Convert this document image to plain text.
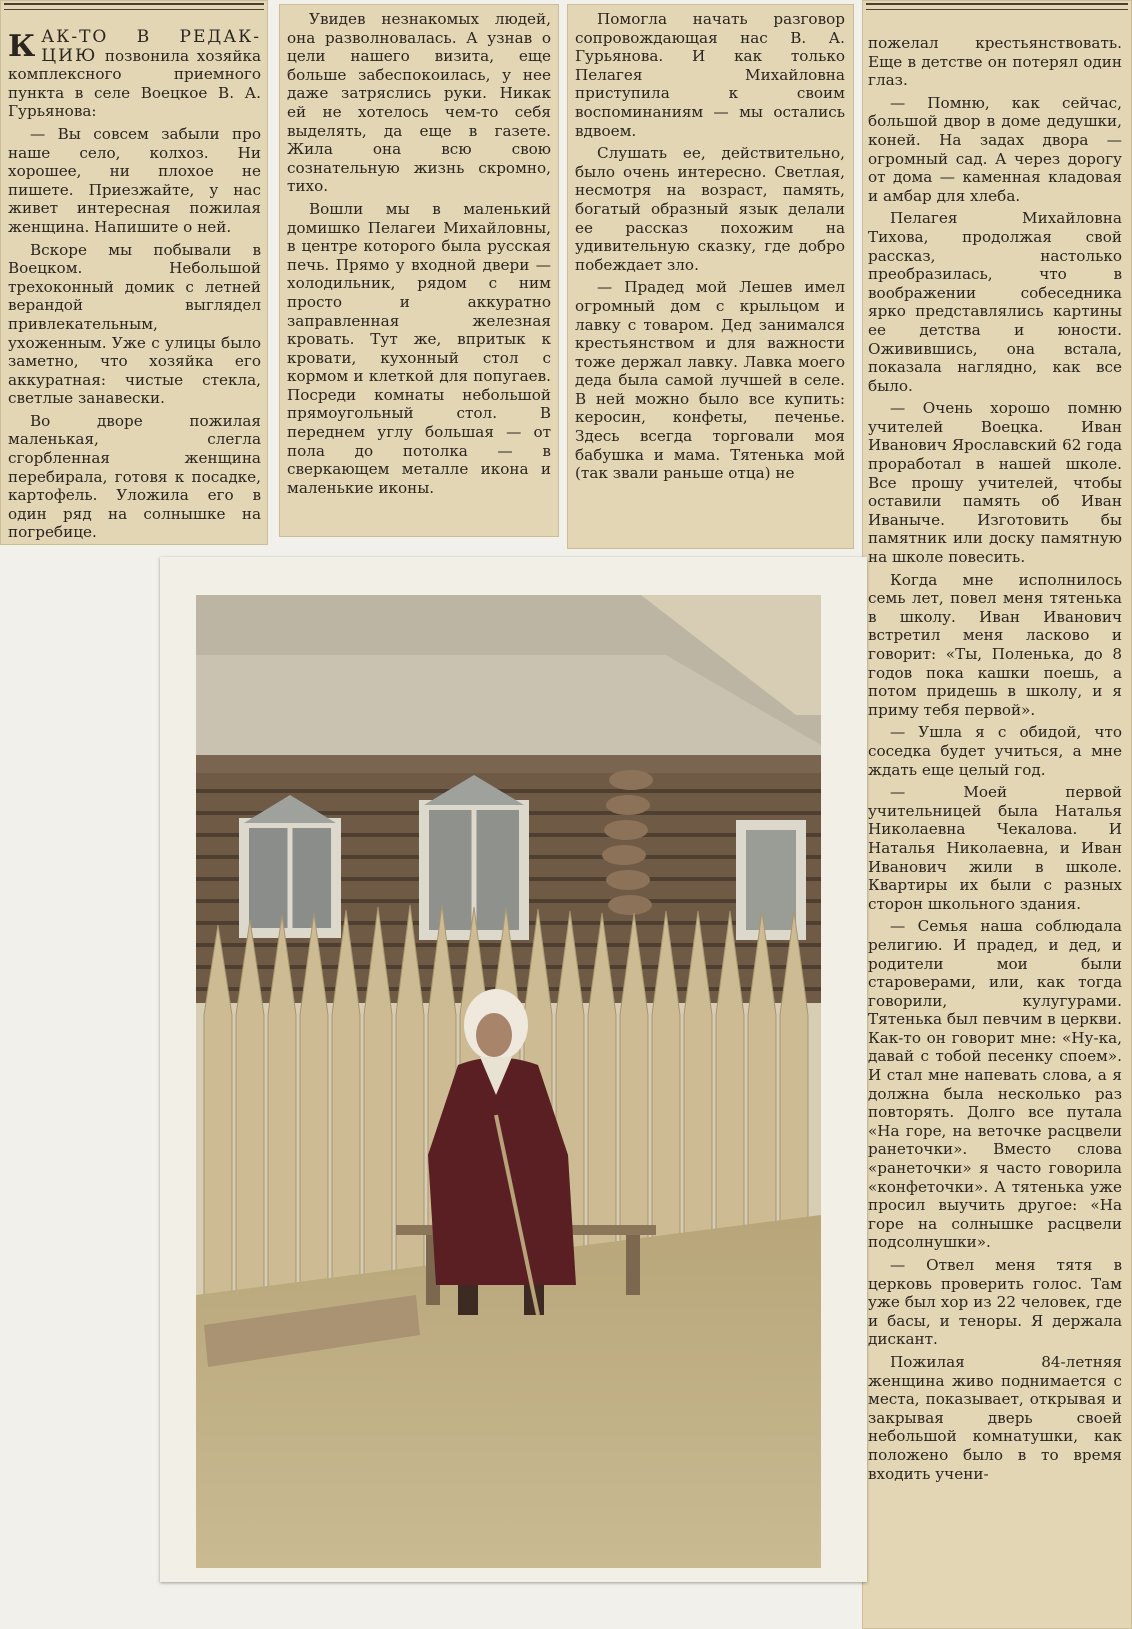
К АК-ТО В РЕДАК-ЦИЮ позвонила хозяйка комплексного приемного пункта в селе Воецкое В. А. Гурьянова:

— Вы совсем забыли про наше село, колхоз. Ни хорошее, ни плохое не пишете. Приезжайте, у нас живет интересная пожилая женщина. Напишите о ней.

Вскоре мы побывали в Воецком. Небольшой трехоконный домик с летней верандой выглядел привлекательным, ухоженным. Уже с улицы было заметно, что хозяйка его аккуратная: чистые стекла, светлые занавески.

Во дворе пожилая маленькая, слегла сгорбленная женщина перебирала, готовя к посадке, картофель. Уложила его в один ряд на солнышке на погребице.

Увидев незнакомых людей, она разволновалась. А узнав о цели нашего визита, еще больше забеспокоилась, у нее даже затряслись руки. Никак ей не хотелось чем-то себя выделять, да еще в газете. Жила она всю свою сознательную жизнь скромно, тихо.

Вошли мы в маленький домишко Пелагеи Михайловны, в центре которого была русская печь. Прямо у входной двери — холодильник, рядом с ним просто и аккуратно заправленная железная кровать. Тут же, впритык к кровати, кухонный стол с кормом и клеткой для попугаев. Посреди комнаты небольшой прямоугольный стол. В переднем углу большая — от пола до потолка — в сверкающем металле икона и маленькие иконы.

Помогла начать разговор сопровождающая нас В. А. Гурьянова. И как только Пелагея Михайловна приступила к своим воспоминаниям — мы остались вдвоем.

Слушать ее, действительно, было очень интересно. Светлая, несмотря на возраст, память, богатый образный язык делали ее рассказ похожим на удивительную сказку, где добро побеждает зло.

— Прадед мой Лешев имел огромный дом с крыльцом и лавку с товаром. Дед занимался крестьянством и для важности тоже держал лавку. Лавка моего деда была самой лучшей в селе. В ней можно было все купить: керосин, конфеты, печенье. Здесь всегда торговали моя бабушка и мама. Тятенька мой (так звали раньше отца) не

пожелал крестьянствовать. Еще в детстве он потерял один глаз.

— Помню, как сейчас, большой двор в доме дедушки, коней. На задах двора — огромный сад. А через дорогу от дома — каменная кладовая и амбар для хлеба.

Пелагея Михайловна Тихова, продолжая свой рассказ, настолько преобразилась, что в воображении собеседника ярко представлялись картины ее детства и юности. Оживившись, она встала, показала наглядно, как все было.

— Очень хорошо помню учителей Воецка. Иван Иванович Ярославский 62 года проработал в нашей школе. Все прошу учителей, чтобы оставили память об Иван Иваныче. Изготовить бы памятник или доску памятную на школе повесить.

Когда мне исполнилось семь лет, повел меня тятенька в школу. Иван Иванович встретил меня ласково и говорит: «Ты, Поленька, до 8 годов пока кашки поешь, а потом придешь в школу, и я приму тебя первой».

— Ушла я с обидой, что соседка будет учиться, а мне ждать еще целый год.

— Моей первой учительницей была Наталья Николаевна Чекалова. И Наталья Николаевна, и Иван Иванович жили в школе. Квартиры их были с разных сторон школьного здания.

— Семья наша соблюдала религию. И прадед, и дед, и родители мои были староверами, или, как тогда говорили, кулугурами. Тятенька был певчим в церкви. Как-то он говорит мне: «Ну-ка, давай с тобой песенку споем». И стал мне напевать слова, а я должна была несколько раз повторять. Долго все путала «На горе, на веточке расцвели ранеточки». Вместо слова «ранеточки» я часто говорила «конфеточки». А тятенька уже просил выучить другое: «На горе на солнышке расцвели подсолнушки».

— Отвел меня тятя в церковь проверить голос. Там уже был хор из 22 человек, где и басы, и теноры. Я держала дискант.

Пожилая 84-летняя женщина живо поднимается с места, показывает, открывая и закрывая дверь своей небольшой комнатушки, как положено было в то время входить учени-
